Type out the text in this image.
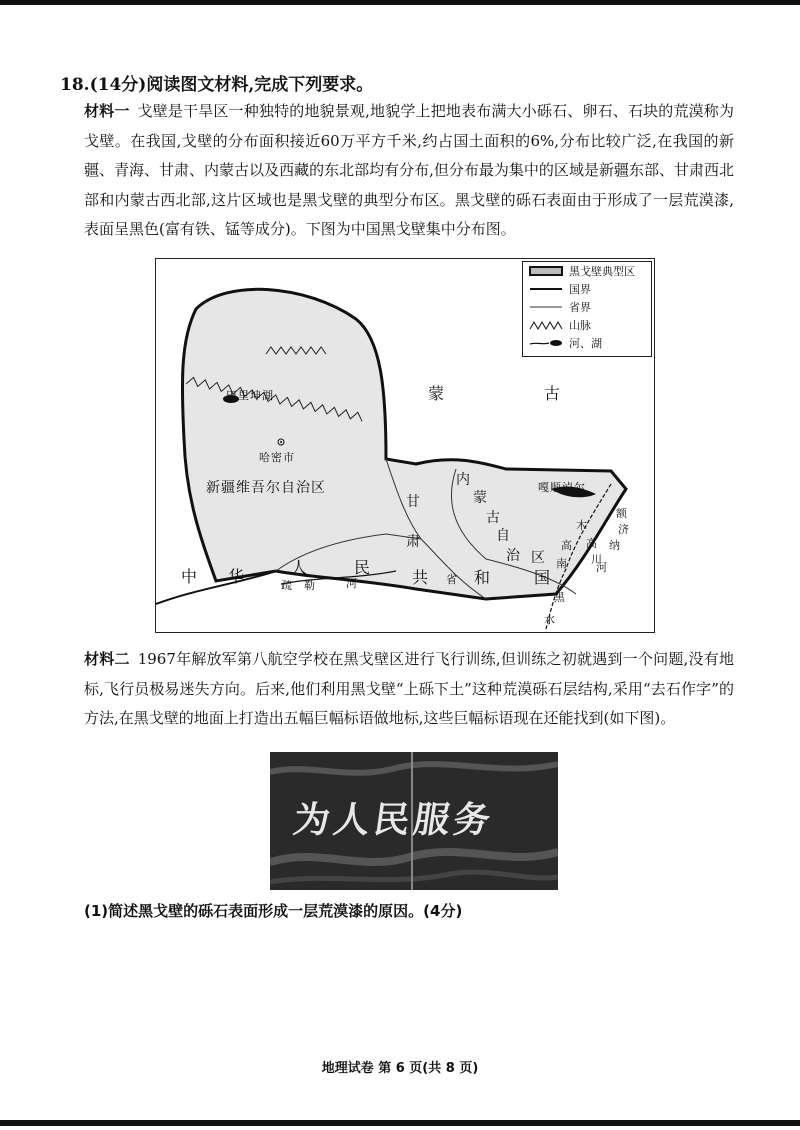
18.(14分)阅读图文材料,完成下列要求。
材料一 戈壁是干旱区一种独特的地貌景观,地貌学上把地表布满大小砾石、卵石、石块的荒漠称为戈壁。在我国,戈壁的分布面积接近60万平方千米,约占国土面积的6%,分布比较广泛,在我国的新疆、青海、甘肃、内蒙古以及西藏的东北部均有分布,但分布最为集中的区域是新疆东部、甘肃西北部和内蒙古西北部,这片区域也是黑戈壁的典型分布区。黑戈壁的砾石表面由于形成了一层荒漠漆,表面呈黑色(富有铁、锰等成分)。下图为中国黑戈壁集中分布图。
黑戈壁典型区
国界
省界
山脉
河、湖
蒙	古
巴里坤湖
哈密市
新疆维吾尔自治区
甘
肃
内
蒙
古
自
治 区
嘎顺淖尔
中 华	人	民
共	和	国
省
疏 勒	河
黑
水
额
济
纳
河
木
高
南
高
川
材料二 1967年解放军第八航空学校在黑戈壁区进行飞行训练,但训练之初就遇到一个问题,没有地标,飞行员极易迷失方向。后来,他们利用黑戈壁“上砾下土”这种荒漠砾石层结构,采用“去石作字”的方法,在黑戈壁的地面上打造出五幅巨幅标语做地标,这些巨幅标语现在还能找到(如下图)。
为人民服务
(1)简述黑戈壁的砾石表面形成一层荒漠漆的原因。(4分)
地理试卷 第 6 页(共 8 页)
